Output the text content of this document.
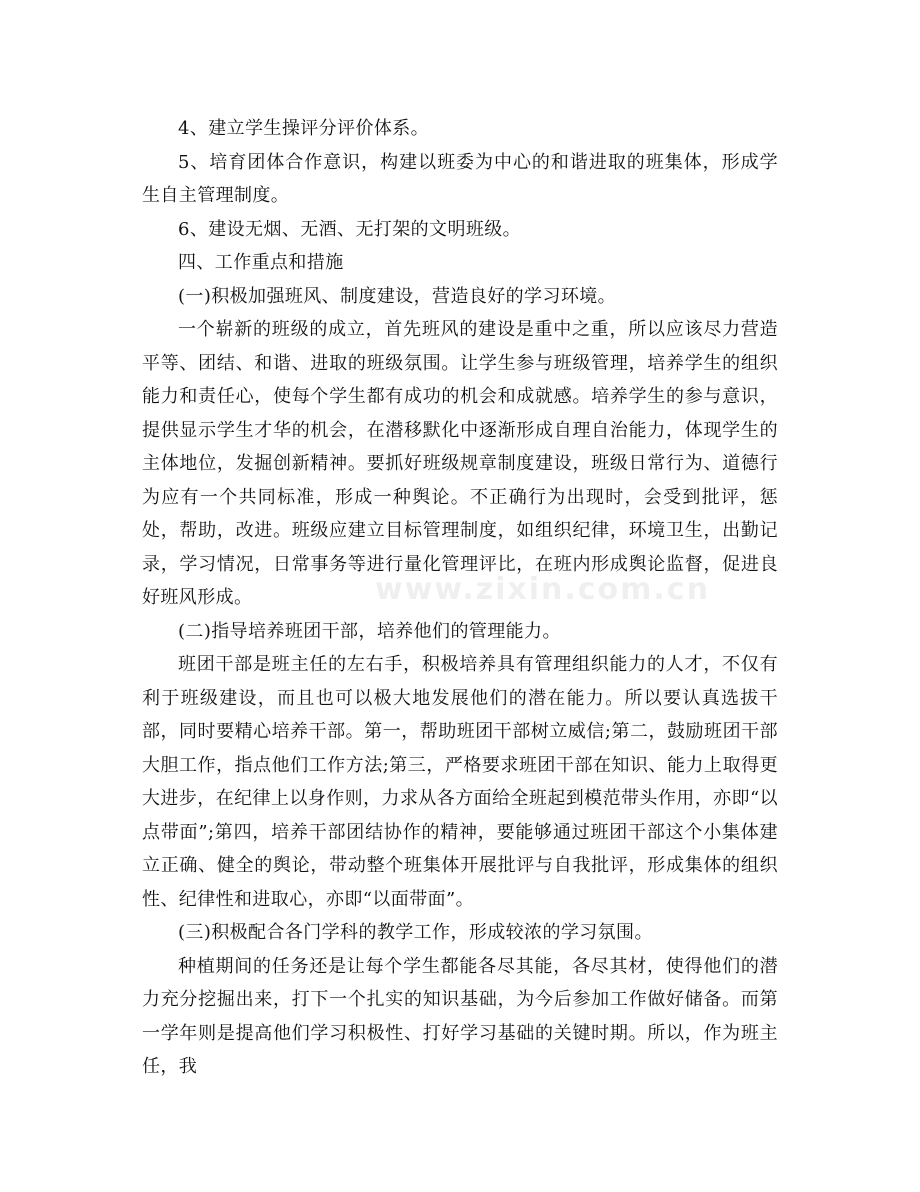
4、建立学生操评分评价体系。

5、培育团体合作意识，构建以班委为中心的和谐进取的班集体，形成学生自主管理制度。

6、建设无烟、无酒、无打架的文明班级。

四、工作重点和措施

(一)积极加强班风、制度建设，营造良好的学习环境。

一个崭新的班级的成立，首先班风的建设是重中之重，所以应该尽力营造平等、团结、和谐、进取的班级氛围。让学生参与班级管理，培养学生的组织能力和责任心，使每个学生都有成功的机会和成就感。培养学生的参与意识，提供显示学生才华的机会，在潜移默化中逐渐形成自理自治能力，体现学生的主体地位，发掘创新精神。要抓好班级规章制度建设，班级日常行为、道德行为应有一个共同标准，形成一种舆论。不正确行为出现时，会受到批评，惩处，帮助，改进。班级应建立目标管理制度，如组织纪律，环境卫生，出勤记录，学习情况，日常事务等进行量化管理评比，在班内形成舆论监督，促进良好班风形成。

(二)指导培养班团干部，培养他们的管理能力。

班团干部是班主任的左右手，积极培养具有管理组织能力的人才，不仅有利于班级建设，而且也可以极大地发展他们的潜在能力。所以要认真选拔干部，同时要精心培养干部。第一，帮助班团干部树立威信;第二，鼓励班团干部大胆工作，指点他们工作方法;第三，严格要求班团干部在知识、能力上取得更大进步，在纪律上以身作则，力求从各方面给全班起到模范带头作用，亦即“以点带面”;第四，培养干部团结协作的精神，要能够通过班团干部这个小集体建立正确、健全的舆论，带动整个班集体开展批评与自我批评，形成集体的组织性、纪律性和进取心，亦即“以面带面”。

(三)积极配合各门学科的教学工作，形成较浓的学习氛围。

种植期间的任务还是让每个学生都能各尽其能，各尽其材，使得他们的潜力充分挖掘出来，打下一个扎实的知识基础，为今后参加工作做好储备。而第一学年则是提高他们学习积极性、打好学习基础的关键时期。所以，作为班主任，我

www.zixin.com.cn
